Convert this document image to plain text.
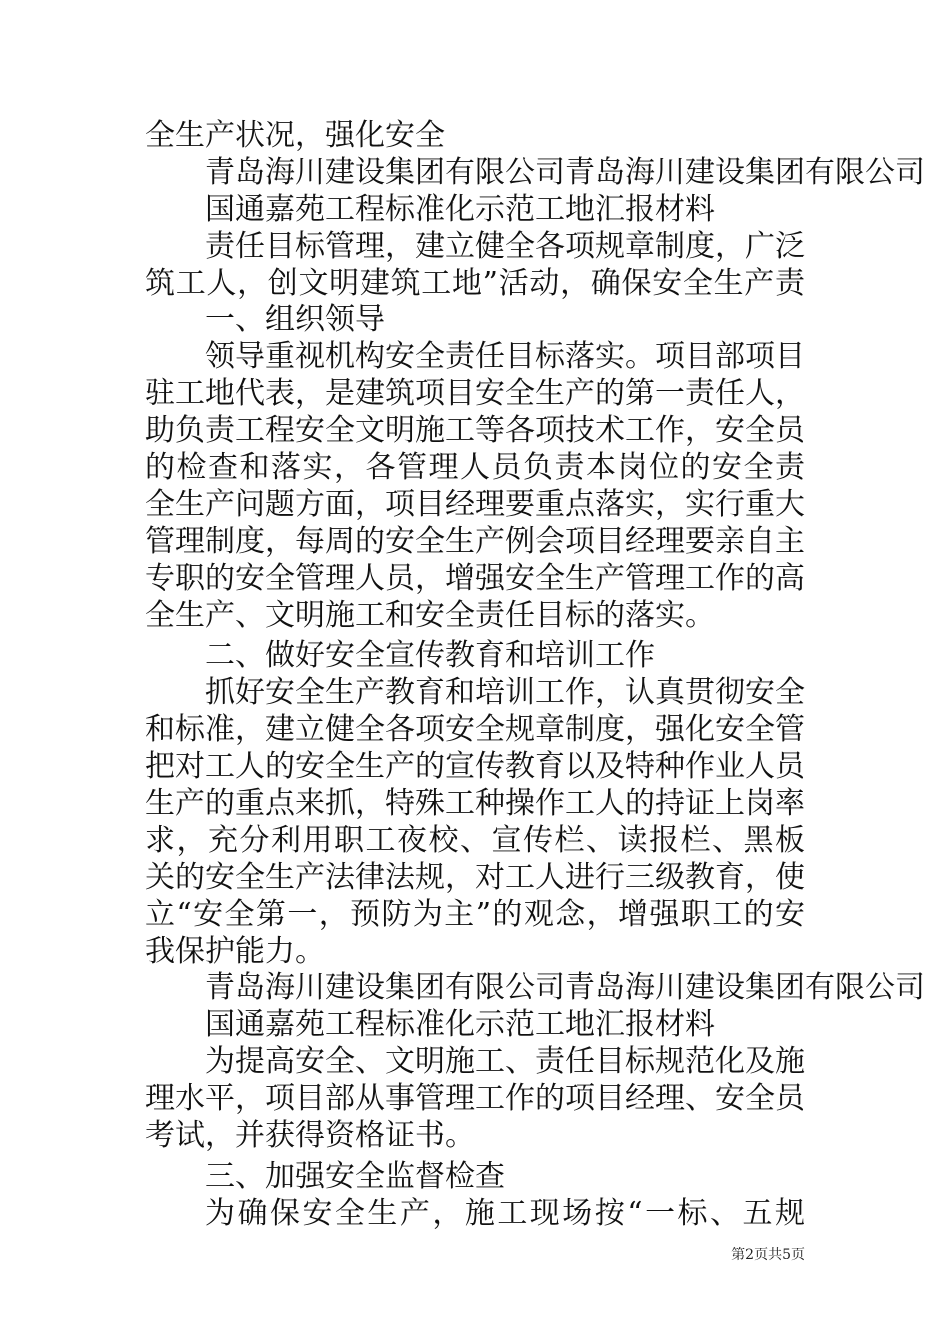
全生产状况，强化安全
青岛海川建设集团有限公司青岛海川建设集团有限公司
国通嘉苑工程标准化示范工地汇报材料
责任目标管理，建立健全各项规章制度，广泛
筑工人，创文明建筑工地”活动，确保安全生产责
一、组织领导
领导重视机构安全责任目标落实。项目部项目
驻工地代表，是建筑项目安全生产的第一责任人，
助负责工程安全文明施工等各项技术工作，安全员
的检查和落实，各管理人员负责本岗位的安全责
全生产问题方面，项目经理要重点落实，实行重大
管理制度，每周的安全生产例会项目经理要亲自主
专职的安全管理人员，增强安全生产管理工作的高
全生产、文明施工和安全责任目标的落实。
二、做好安全宣传教育和培训工作
抓好安全生产教育和培训工作，认真贯彻安全
和标准，建立健全各项安全规章制度，强化安全管
把对工人的安全生产的宣传教育以及特种作业人员
生产的重点来抓，特殊工种操作工人的持证上岗率
求，充分利用职工夜校、宣传栏、读报栏、黑板
关的安全生产法律法规，对工人进行三级教育，使
立“安全第一，预防为主”的观念，增强职工的安
我保护能力。
青岛海川建设集团有限公司青岛海川建设集团有限公司
国通嘉苑工程标准化示范工地汇报材料
为提高安全、文明施工、责任目标规范化及施
理水平，项目部从事管理工作的项目经理、安全员
考试，并获得资格证书。
三、加强安全监督检查
为确保安全生产，施工现场按“一标、五规
第2页共5页
